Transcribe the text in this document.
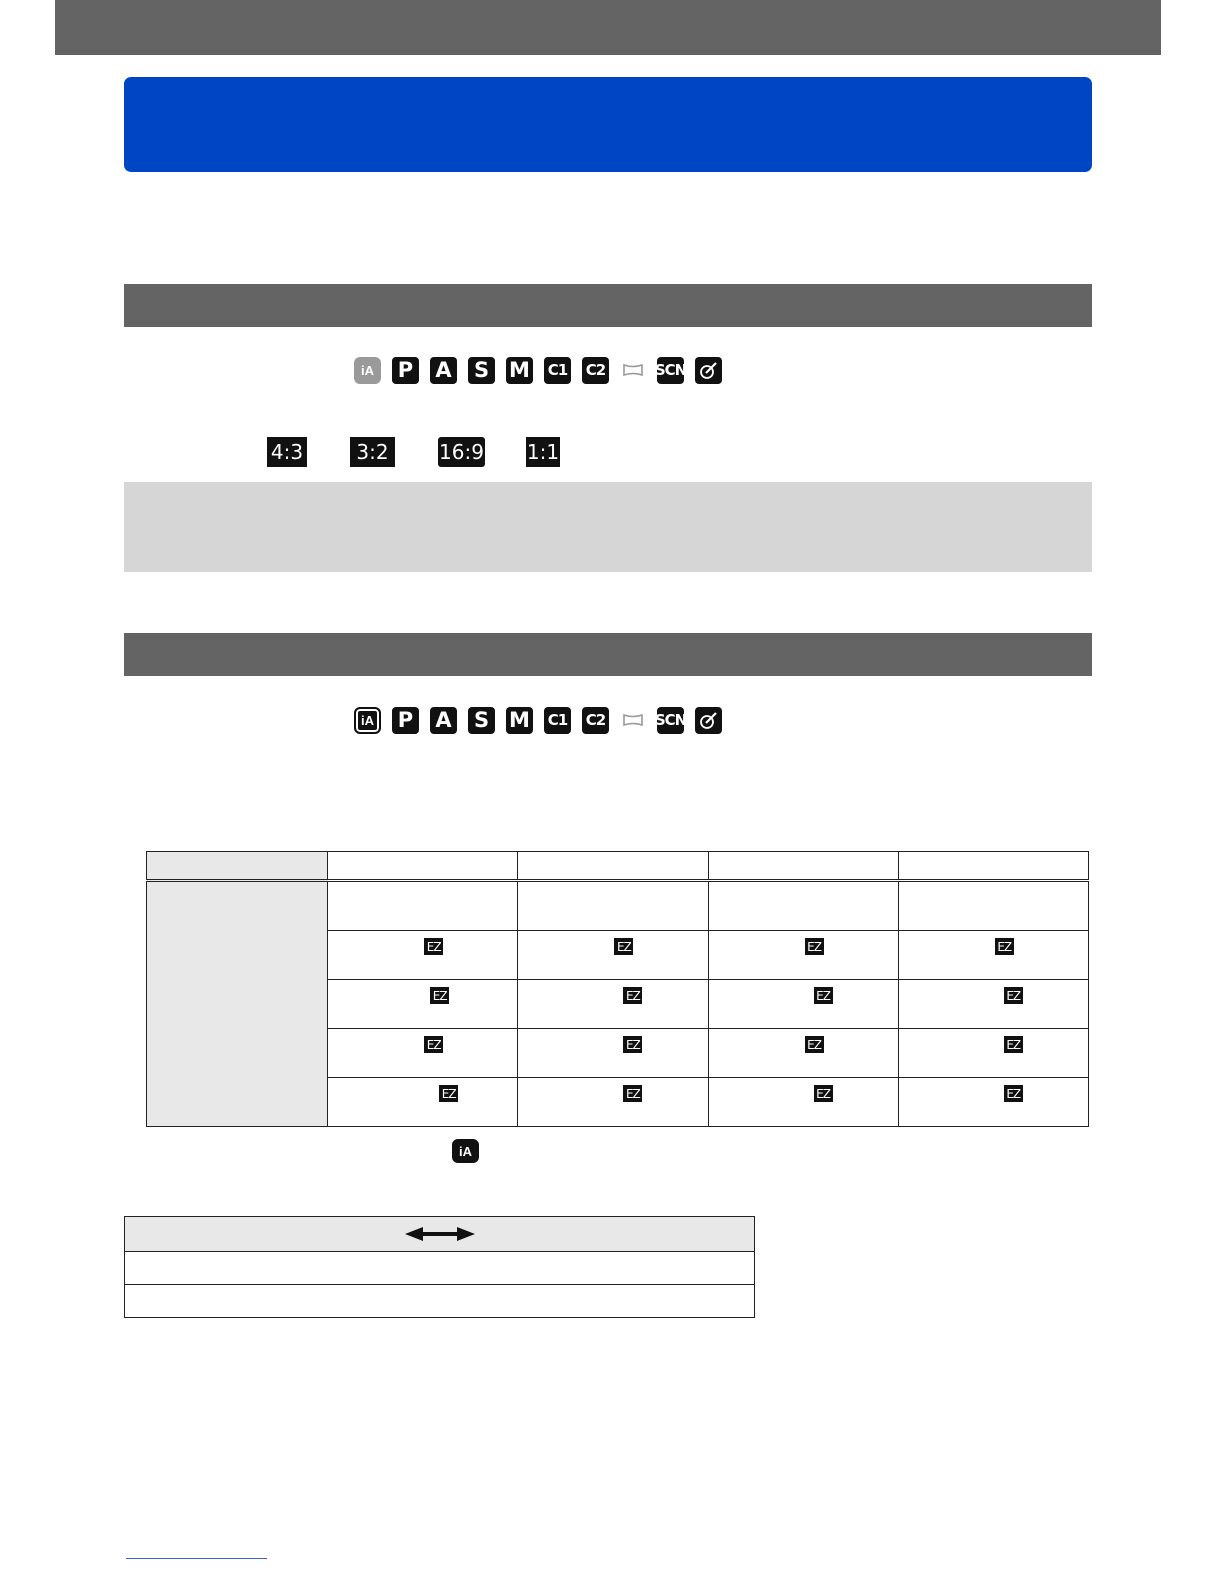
iA P A S M C1 C2	SCN
4:3	3:2	16:9 1:1
iA P A S M C1 C2	SCN

EZ	EZ	EZ	EZ

EZ	EZ	EZ	EZ

EZ	EZ	EZ	EZ

EZ	EZ	EZ	EZ
iA
